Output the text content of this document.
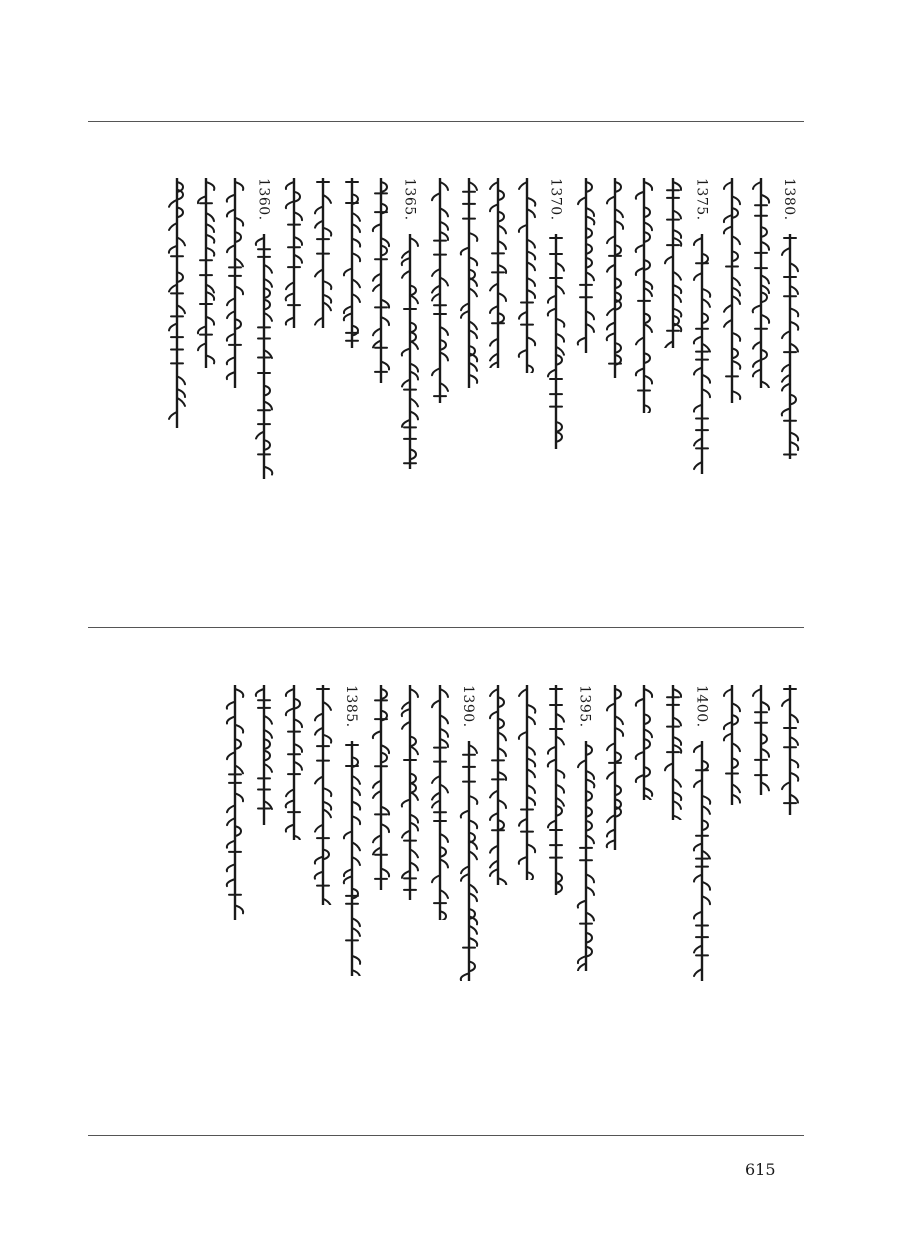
1380.
1375.
1370.
1365.
1360.
1400.
1395.
1390.
1385.
615
